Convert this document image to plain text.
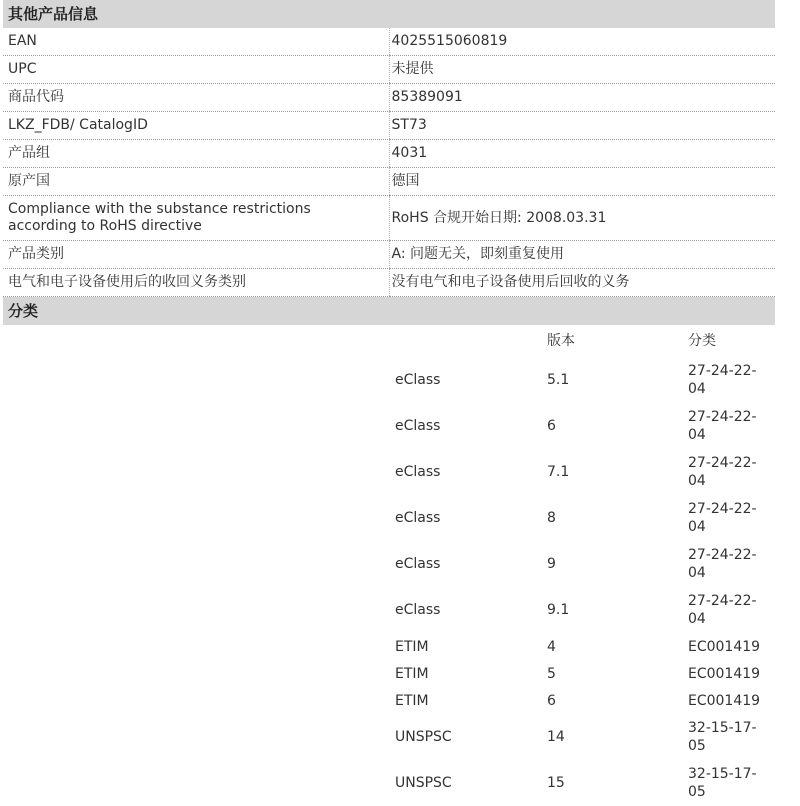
其他产品信息
EAN	4025515060819
UPC	未提供
商品代码	85389091
LKZ_FDB/ CatalogID	ST73
产品组	4031
原产国	德国
Compliance with the substance restrictions according to RoHS directive	RoHS 合规开始日期: 2008.03.31
产品类别	A: 问题无关，即刻重复使用
电气和电子设备使用后的收回义务类别	没有电气和电子设备使用后回收的义务
分类
	版本	分类
eClass	5.1	27-24-22-04
eClass	6	27-24-22-04
eClass	7.1	27-24-22-04
eClass	8	27-24-22-04
eClass	9	27-24-22-04
eClass	9.1	27-24-22-04
ETIM	4	EC001419
ETIM	5	EC001419
ETIM	6	EC001419
UNSPSC	14	32-15-17-05
UNSPSC	15	32-15-17-05
